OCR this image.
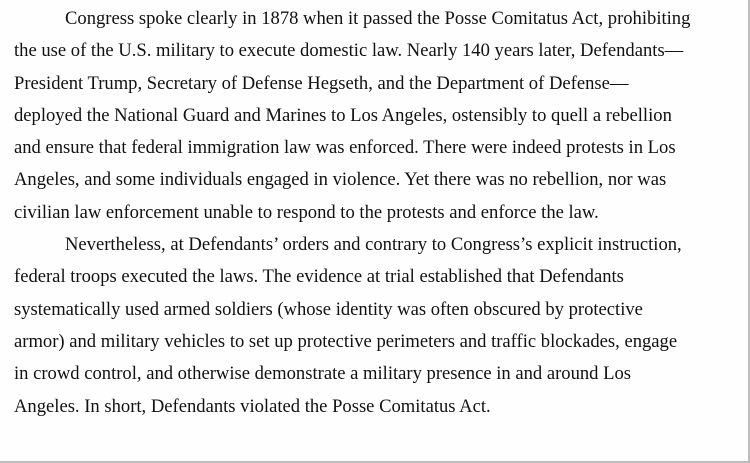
Congress spoke clearly in 1878 when it passed the Posse Comitatus Act, prohibiting
the use of the U.S. military to execute domestic law. Nearly 140 years later, Defendants—
President Trump, Secretary of Defense Hegseth, and the Department of Defense—
deployed the National Guard and Marines to Los Angeles, ostensibly to quell a rebellion
and ensure that federal immigration law was enforced. There were indeed protests in Los
Angeles, and some individuals engaged in violence. Yet there was no rebellion, nor was
civilian law enforcement unable to respond to the protests and enforce the law.

Nevertheless, at Defendants’ orders and contrary to Congress’s explicit instruction,
federal troops executed the laws. The evidence at trial established that Defendants
systematically used armed soldiers (whose identity was often obscured by protective
armor) and military vehicles to set up protective perimeters and traffic blockades, engage
in crowd control, and otherwise demonstrate a military presence in and around Los
Angeles. In short, Defendants violated the Posse Comitatus Act.
